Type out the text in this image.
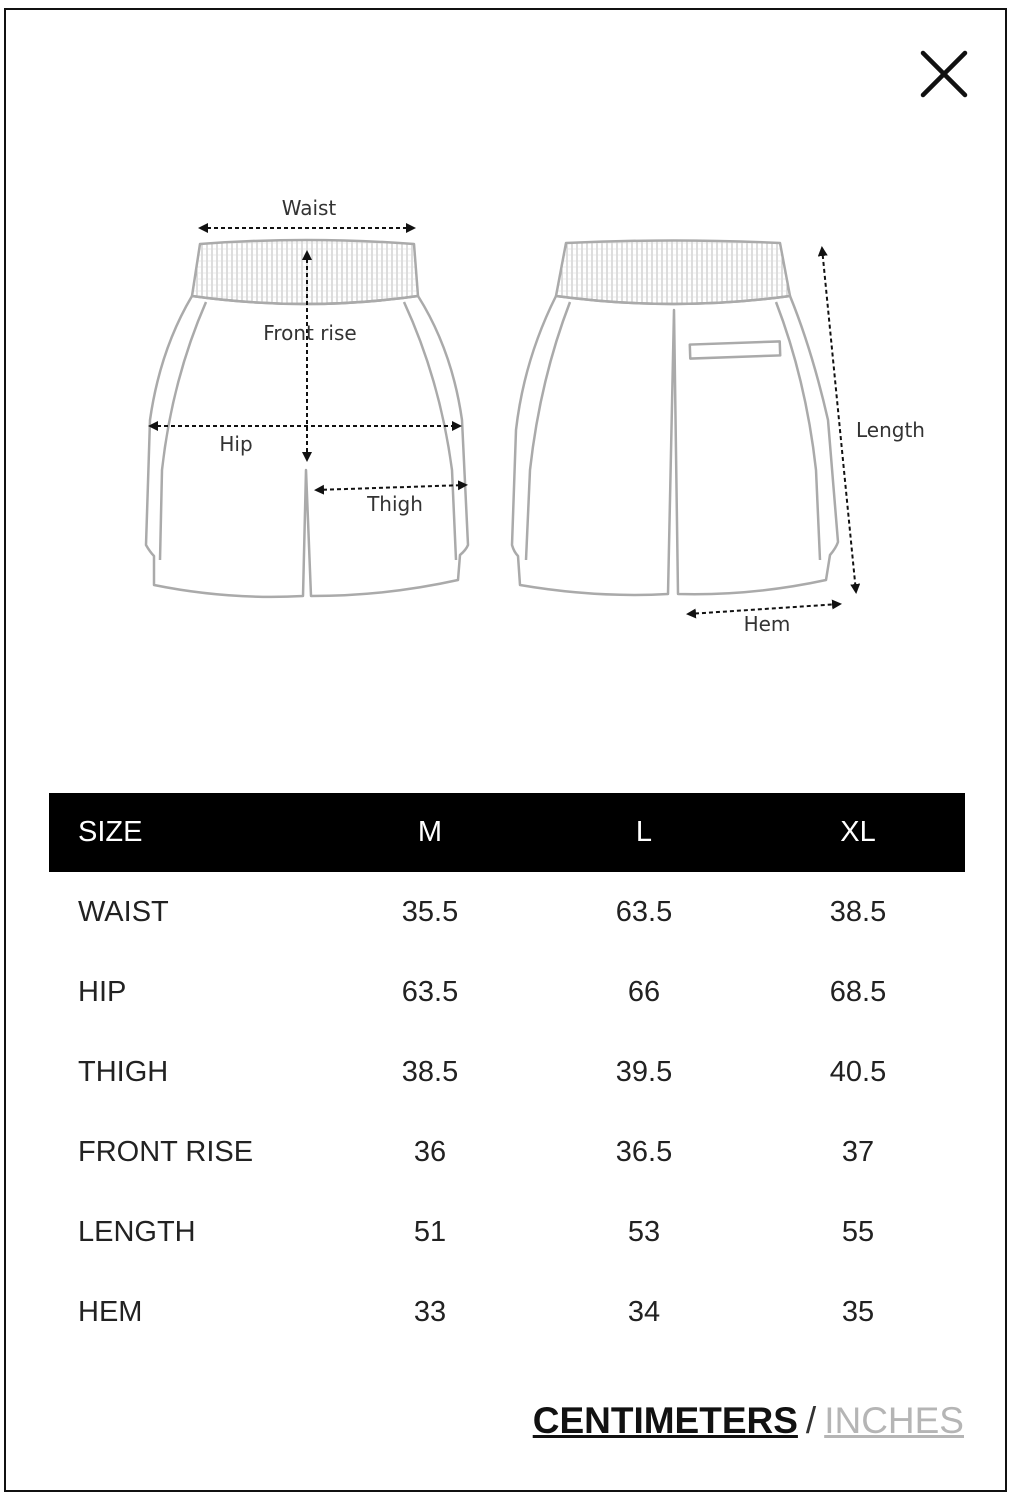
Waist
Front rise
Hip
Thigh
Length
Hem
SIZE	M	L	XL
WAIST	35.5	63.5	38.5
HIP	63.5	66	68.5
THIGH	38.5	39.5	40.5
FRONT RISE	36	36.5	37
LENGTH	51	53	55
HEM	33	34	35
CENTIMETERS / INCHES
